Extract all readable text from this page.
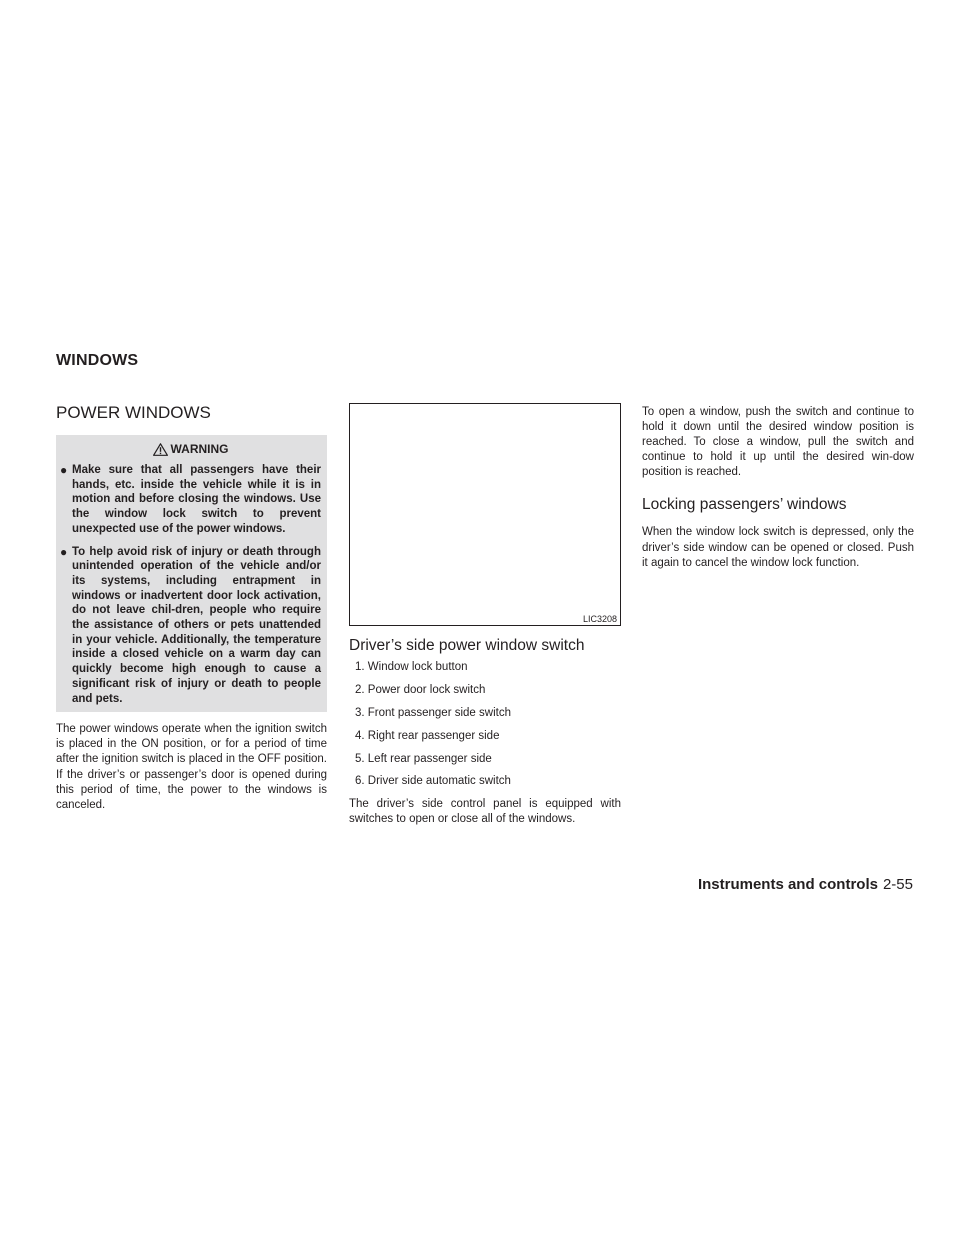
WINDOWS
POWER WINDOWS
WARNING
● Make sure that all passengers have their hands, etc. inside the vehicle while it is in motion and before closing the windows. Use the window lock switch to prevent unexpected use of the power windows.
● To help avoid risk of injury or death through unintended operation of the vehicle and/or its systems, including entrapment in windows or inadvertent door lock activation, do not leave chil-dren, people who require the assistance of others or pets unattended in your vehicle. Additionally, the temperature inside a closed vehicle on a warm day can quickly become high enough to cause a significant risk of injury or death to people and pets.

The power windows operate when the ignition switch is placed in the ON position, or for a period of time after the ignition switch is placed in the OFF position. If the driver’s or passenger’s door is opened during this period of time, the power to the windows is canceled.

LIC3208
Driver’s side power window switch
1. Window lock button
2. Power door lock switch
3. Front passenger side switch
4. Right rear passenger side
5. Left rear passenger side
6. Driver side automatic switch

The driver’s side control panel is equipped with switches to open or close all of the windows.

To open a window, push the switch and continue to hold it down until the desired window position is reached. To close a window, pull the switch and continue to hold it up until the desired win-dow position is reached.

Locking passengers’ windows

When the window lock switch is depressed, only the driver’s side window can be opened or closed. Push it again to cancel the window lock function.

Instruments and controls 2-55
